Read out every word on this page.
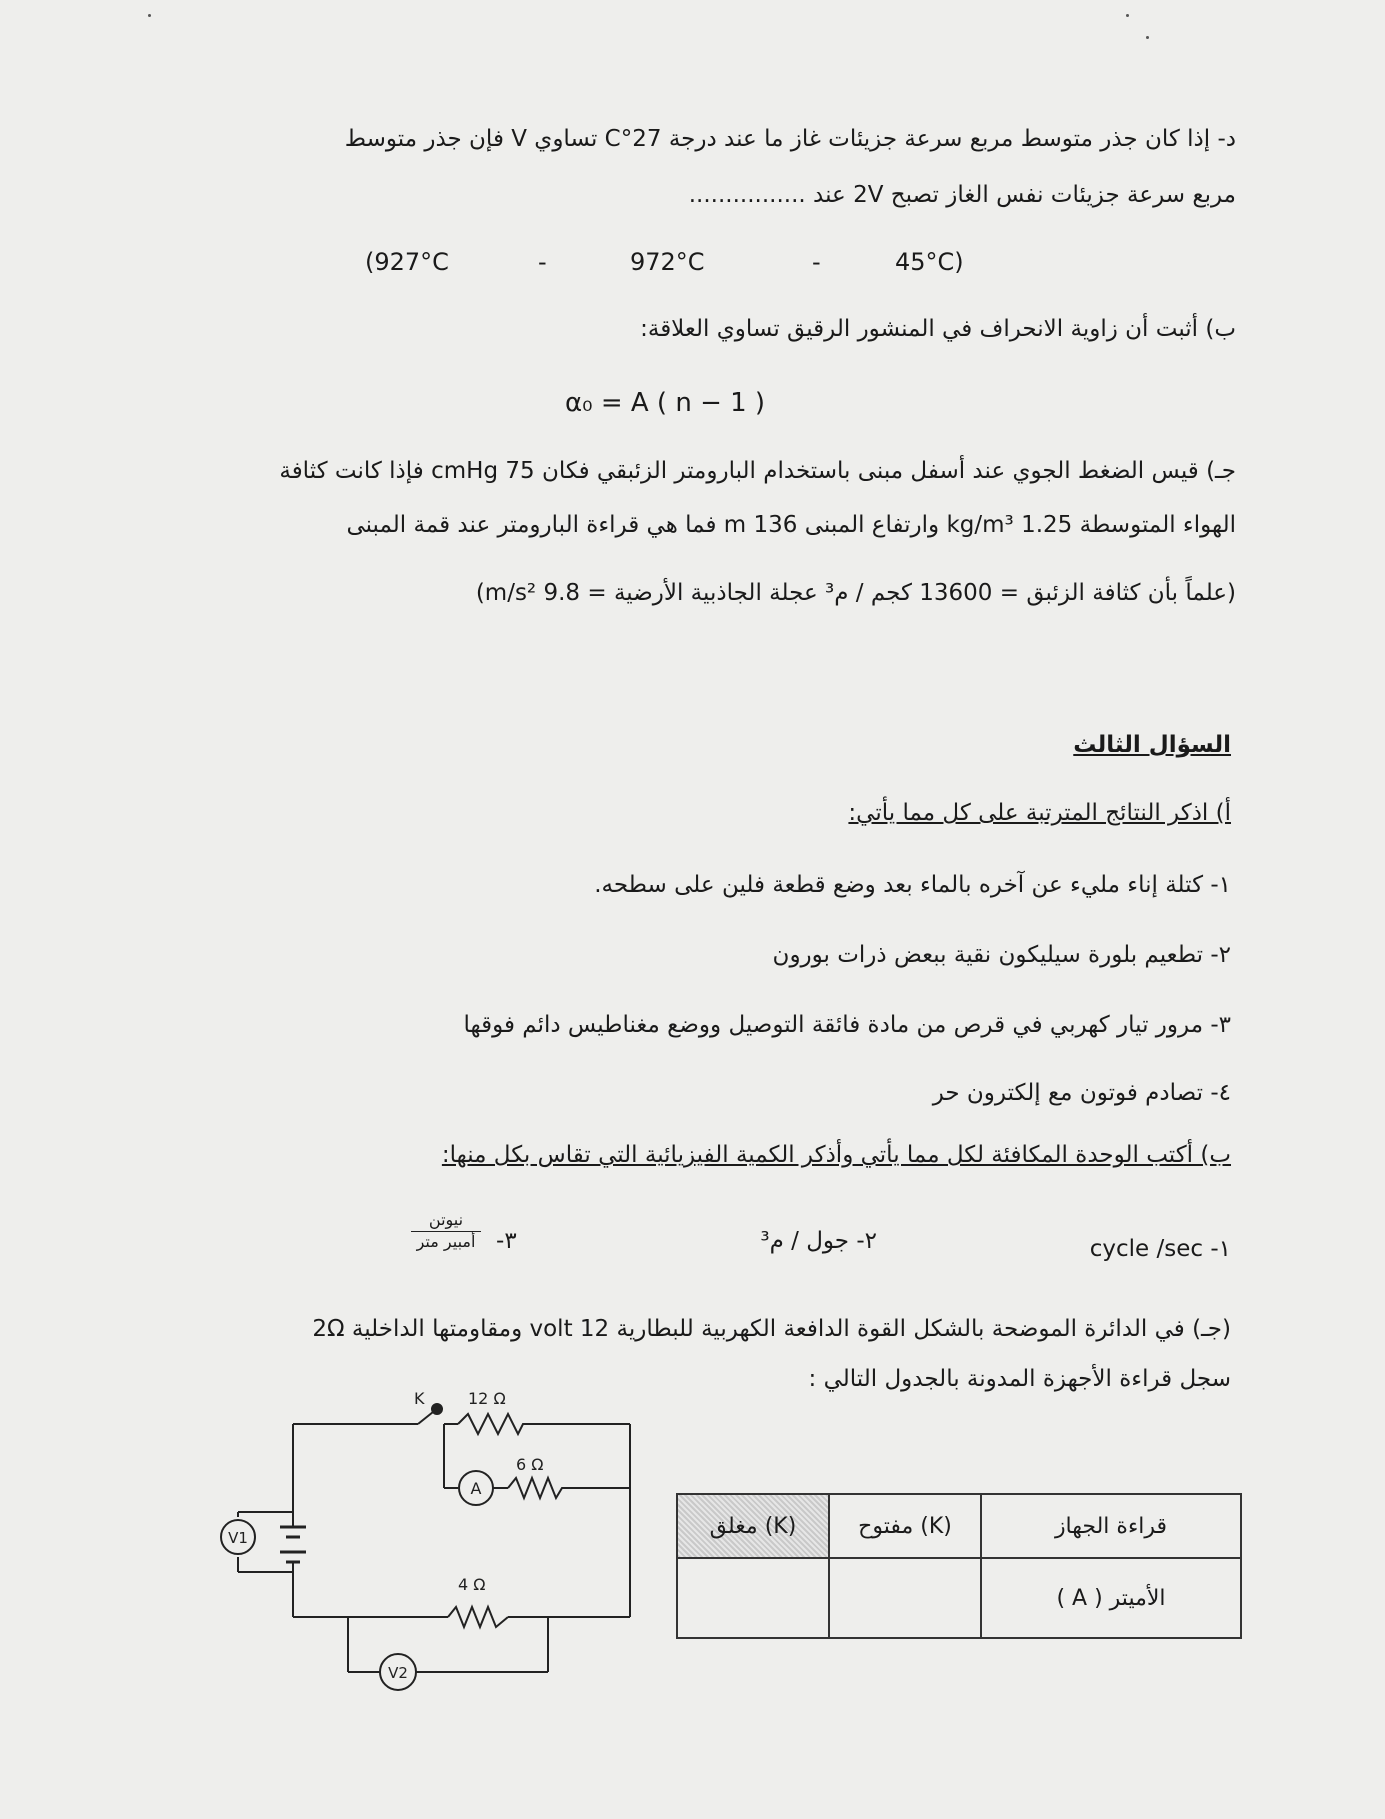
د- إذا كان جذر متوسط مربع سرعة جزيئات غاز ما عند درجة 27°C تساوي V فإن جذر متوسط
مربع سرعة جزيئات نفس الغاز تصبح 2V عند ................
(927°C	-	972°C	-	45°C)
ب) أثبت أن زاوية الانحراف في المنشور الرقيق تساوي العلاقة:
α₀ = A ( n − 1 )
جـ) قيس الضغط الجوي عند أسفل مبنى باستخدام البارومتر الزئبقي فكان 75 cmHg فإذا كانت كثافة
الهواء المتوسطة 1.25 kg/m³ وارتفاع المبنى 136 m فما هي قراءة البارومتر عند قمة المبنى
(علماً بأن كثافة الزئبق = 13600 كجم / م³ عجلة الجاذبية الأرضية = 9.8 m/s²)
السؤال الثالث
أ) اذكر النتائج المترتبة على كل مما يأتي:
١- كتلة إناء مليء عن آخره بالماء بعد وضع قطعة فلين على سطحه.
٢- تطعيم بلورة سيليكون نقية ببعض ذرات بورون
٣- مرور تيار كهربي في قرص من مادة فائقة التوصيل ووضع مغناطيس دائم فوقها
٤- تصادم فوتون مع إلكترون حر
ب) أكتب الوحدة المكافئة لكل مما يأتي وأذكر الكمية الفيزيائية التي تقاس بكل منها:
١- cycle /sec
٢- جول / م³
٣-
نيوتن
أمبير متر
(جـ) في الدائرة الموضحة بالشكل القوة الدافعة الكهربية للبطارية 12 volt ومقاومتها الداخلية 2Ω
سجل قراءة الأجهزة المدونة بالجدول التالي :
V1
K	12 Ω
A
6 Ω
4 Ω
V2
قراءة الجهاز	(K) مفتوح	(K) مغلق
الأميتر ( A )		
